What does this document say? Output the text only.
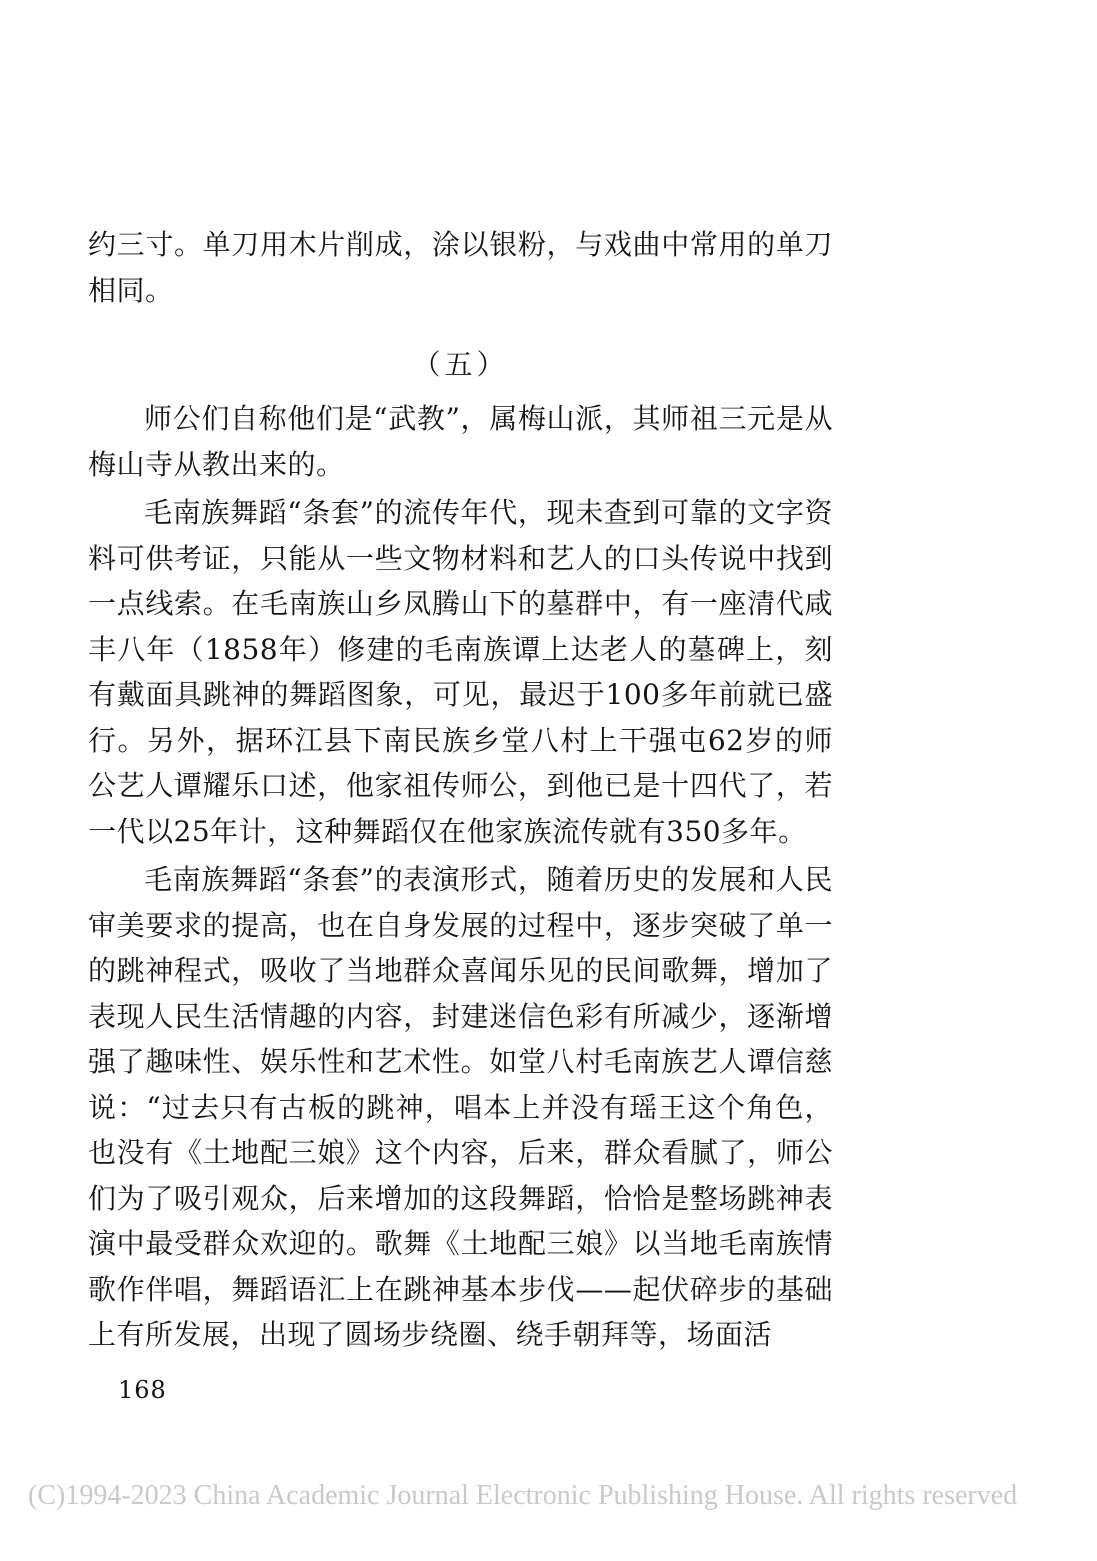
约三寸。单刀用木片削成，涂以银粉，与戏曲中常用的单刀相同。

（五）

师公们自称他们是“武教”，属梅山派，其师祖三元是从梅山寺从教出来的。

毛南族舞蹈“条套”的流传年代，现未查到可靠的文字资料可供考证，只能从一些文物材料和艺人的口头传说中找到一点线索。在毛南族山乡凤腾山下的墓群中，有一座清代咸丰八年（1858年）修建的毛南族谭上达老人的墓碑上，刻有戴面具跳神的舞蹈图象，可见，最迟于100多年前就已盛行。另外，据环江县下南民族乡堂八村上干强屯62岁的师公艺人谭耀乐口述，他家祖传师公，到他已是十四代了，若一代以25年计，这种舞蹈仅在他家族流传就有350多年。

毛南族舞蹈“条套”的表演形式，随着历史的发展和人民审美要求的提高，也在自身发展的过程中，逐步突破了单一的跳神程式，吸收了当地群众喜闻乐见的民间歌舞，增加了表现人民生活情趣的内容，封建迷信色彩有所减少，逐渐增强了趣味性、娱乐性和艺术性。如堂八村毛南族艺人谭信慈说：“过去只有古板的跳神，唱本上并没有瑶王这个角色，也没有《土地配三娘》这个内容，后来，群众看腻了，师公们为了吸引观众，后来增加的这段舞蹈，恰恰是整场跳神表演中最受群众欢迎的。歌舞《土地配三娘》以当地毛南族情歌作伴唱，舞蹈语汇上在跳神基本步伐——起伏碎步的基础上有所发展，出现了圆场步绕圈、绕手朝拜等，场面活

168
(C)1994-2023 China Academic Journal Electronic Publishing House. All rights reserved
